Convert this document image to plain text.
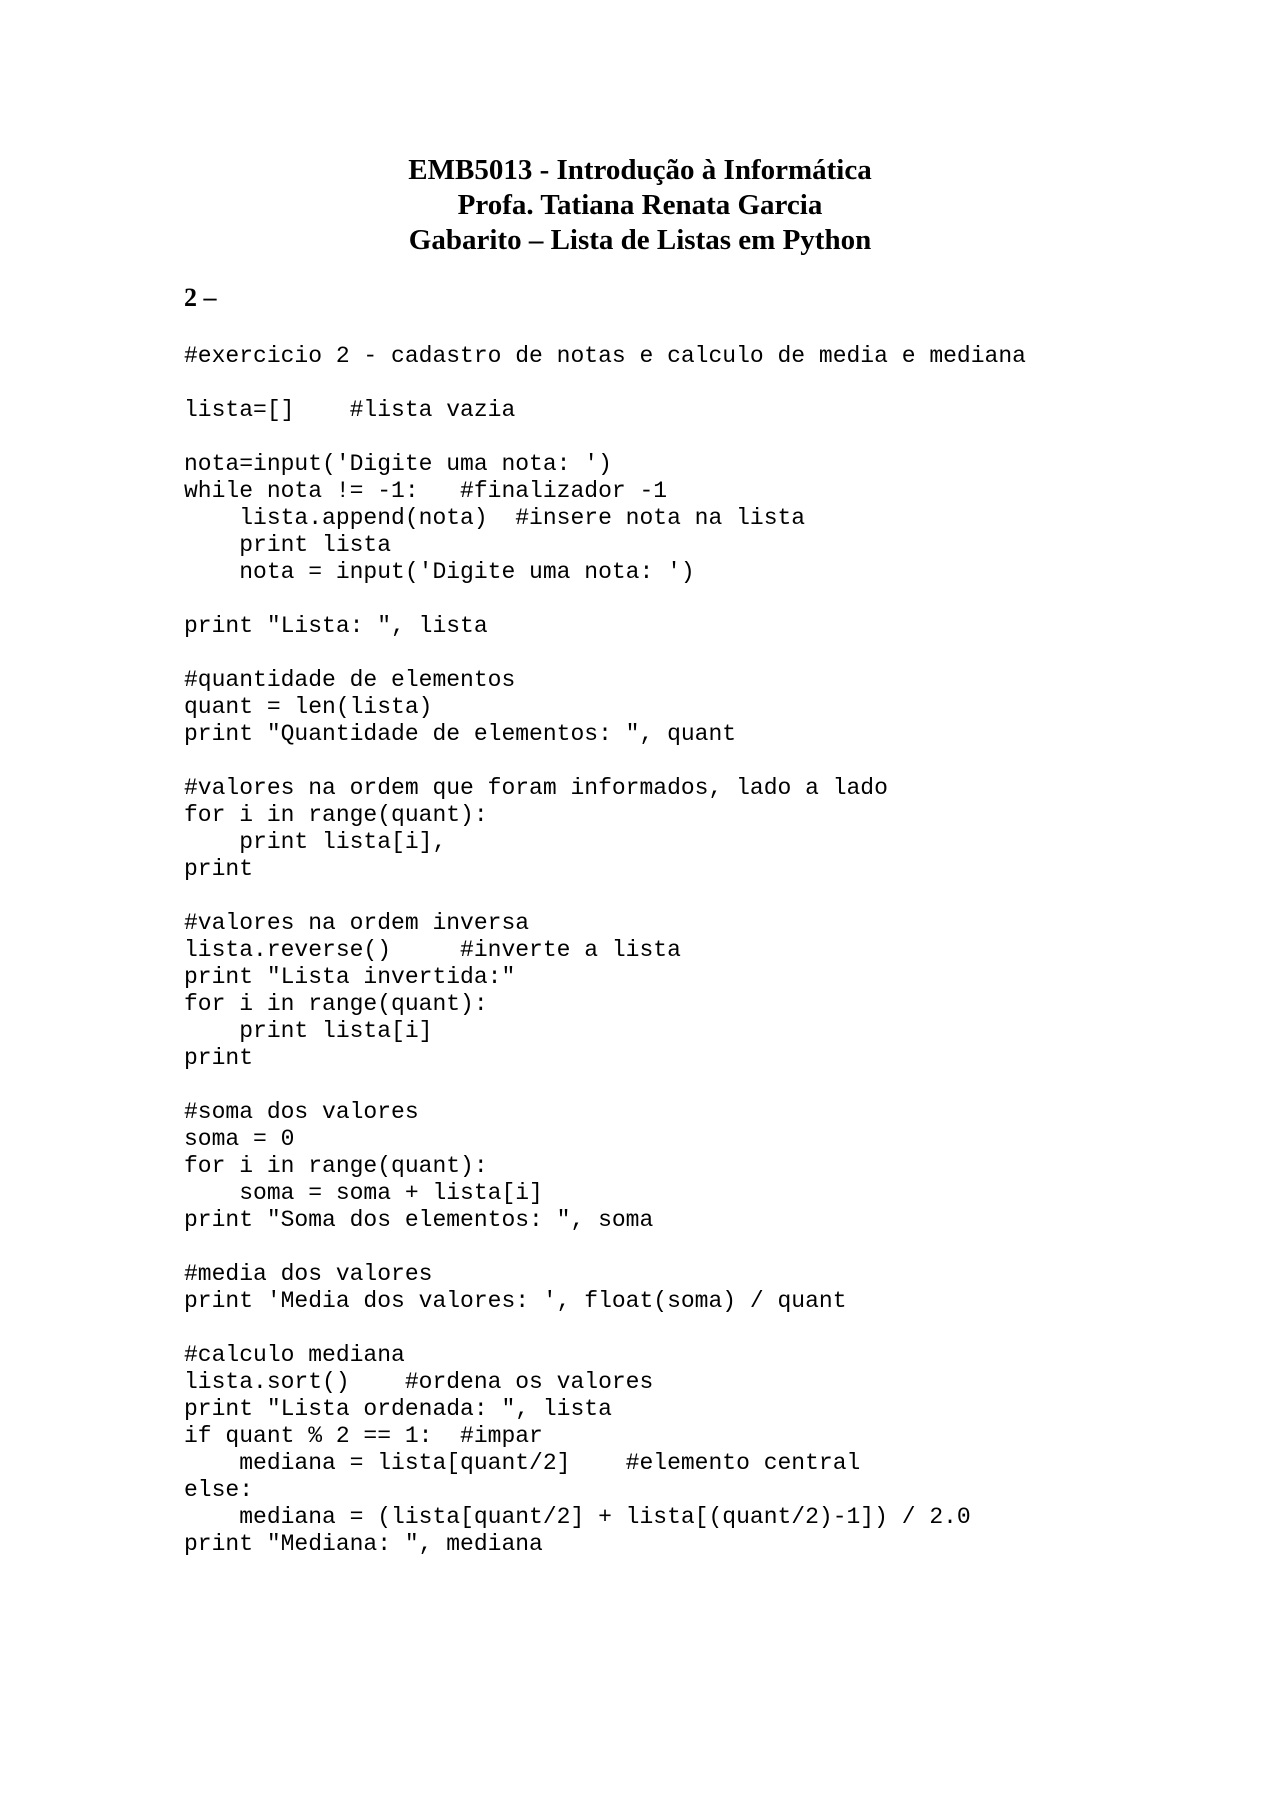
EMB5013 - Introdução à Informática
Profa. Tatiana Renata Garcia
Gabarito – Lista de Listas em Python
2 –
#exercicio 2 - cadastro de notas e calculo de media e mediana
lista=[]    #lista vazia
nota=input('Digite uma nota: ')
while nota != -1:   #finalizador -1
lista.append(nota)  #insere nota na lista
print lista
nota = input('Digite uma nota: ')
print "Lista: ", lista
#quantidade de elementos
quant = len(lista)
print "Quantidade de elementos: ", quant
#valores na ordem que foram informados, lado a lado
for i in range(quant):
print lista[i],
print
#valores na ordem inversa
lista.reverse()     #inverte a lista
print "Lista invertida:"
for i in range(quant):
print lista[i]
print
#soma dos valores
soma = 0
for i in range(quant):
soma = soma + lista[i]
print "Soma dos elementos: ", soma
#media dos valores
print 'Media dos valores: ', float(soma) / quant
#calculo mediana
lista.sort()    #ordena os valores
print "Lista ordenada: ", lista
if quant % 2 == 1:  #impar
mediana = lista[quant/2]    #elemento central
else:
mediana = (lista[quant/2] + lista[(quant/2)-1]) / 2.0
print "Mediana: ", mediana
